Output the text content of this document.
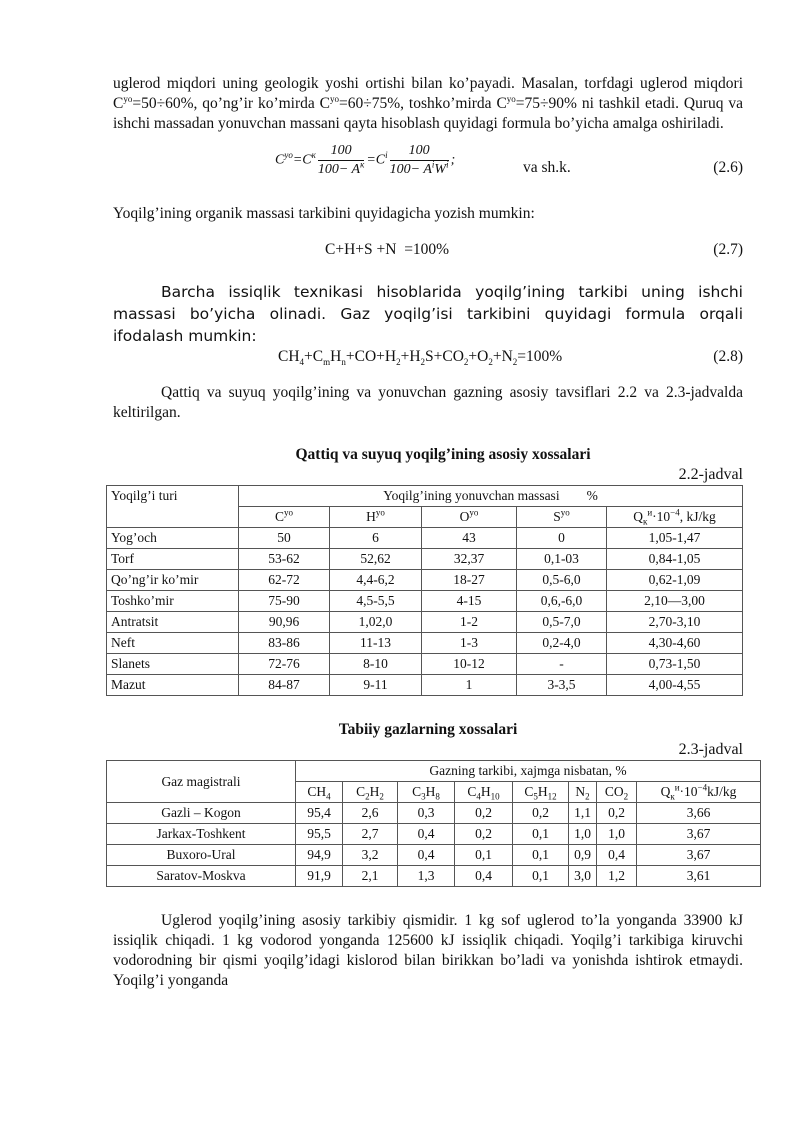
uglerod miqdori uning geologik yoshi ortishi bilan ko’payadi. Masalan, torfdagi uglerod miqdori $C^{yo}=50\div 60\%$, qo’ng’ir ko’mirda $C^{yo}=60\div 75\%$, toshko’mirda $C^{yo}=75\div 90\%$ ni tashkil etadi. Quruq va ishchi massadan yonuvchan massani qayta hisoblash quyidagi formula bo’yicha amalga oshiriladi.

$C^{yo}=C^к \frac{100}{100- A^к} =C^i \frac{100}{100- A^iW^i}$ ;	va sh.k.	(2.6)

Yoqilg’ining organik massasi tarkibini quyidagicha yozish mumkin:

C+H+S +N  =100%	(2.7)

Barcha issiqlik texnikasi hisoblarida yoqilg’ining tarkibi uning ishchi massasi bo’yicha olinadi. Gaz yoqilg’isi tarkibini quyidagi formula orqali ifodalash mumkin:

$CH_4+C_mH_n+CO+H_2+H_2S+CO_2+O_2+N_2=100\%$	(2.8)

Qattiq va suyuq yoqilg’ining va yonuvchan gazning asosiy tavsiflari 2.2 va 2.3-jadvalda keltirilgan.

Qattiq va suyuq yoqilg’ining asosiy xossalari

2.2-jadval

Yoqilg’i turi	Yoqilg’ining yonuvchan massasi        %				
	$C^{yo}$	$H^{yo}$	$O^{yo}$	$S^{yo}$	$Q_к^и\cdot 10^{-4}$, kJ/kg
Yog’och	50	6	43	0	1,05-1,47
Torf	53-62	52,62	32,37	0,1-03	0,84-1,05
Qo’ng’ir ko’mir	62-72	4,4-6,2	18-27	0,5-6,0	0,62-1,09
Toshko’mir	75-90	4,5-5,5	4-15	0,6,-6,0	2,10—3,00
Antratsit	90,96	1,02,0	1-2	0,5-7,0	2,70-3,10
Neft	83-86	11-13	1-3	0,2-4,0	4,30-4,60
Slanets	72-76	8-10	10-12	-	0,73-1,50
Mazut	84-87	9-11	1	3-3,5	4,00-4,55

Tabiiy gazlarning xossalari

2.3-jadval

Gaz magistrali	Gazning tarkibi, xajmga nisbatan, %							
	$CH_4$	$C_2H_2$	$C_3H_8$	$C_4H_{10}$	$C_5H_{12}$	$N_2$	$CO_2$	$Q_к^и\cdot 10^{-4}kJ/kg$
Gazli – Kogon	95,4	2,6	0,3	0,2	0,2	1,1	0,2	3,66
Jarkax-Toshkent	95,5	2,7	0,4	0,2	0,1	1,0	1,0	3,67
Buxoro-Ural	94,9	3,2	0,4	0,1	0,1	0,9	0,4	3,67
Saratov-Moskva	91,9	2,1	1,3	0,4	0,1	3,0	1,2	3,61

Uglerod yoqilg’ining asosiy tarkibiy qismidir. 1 kg sof uglerod to’la yonganda 33900 kJ issiqlik chiqadi. 1 kg vodorod yonganda 125600 kJ issiqlik chiqadi. Yoqilg’i tarkibiga kiruvchi vodorodning bir qismi yoqilg’idagi kislorod bilan birikkan bo’ladi va yonishda ishtirok etmaydi. Yoqilg’i yonganda
